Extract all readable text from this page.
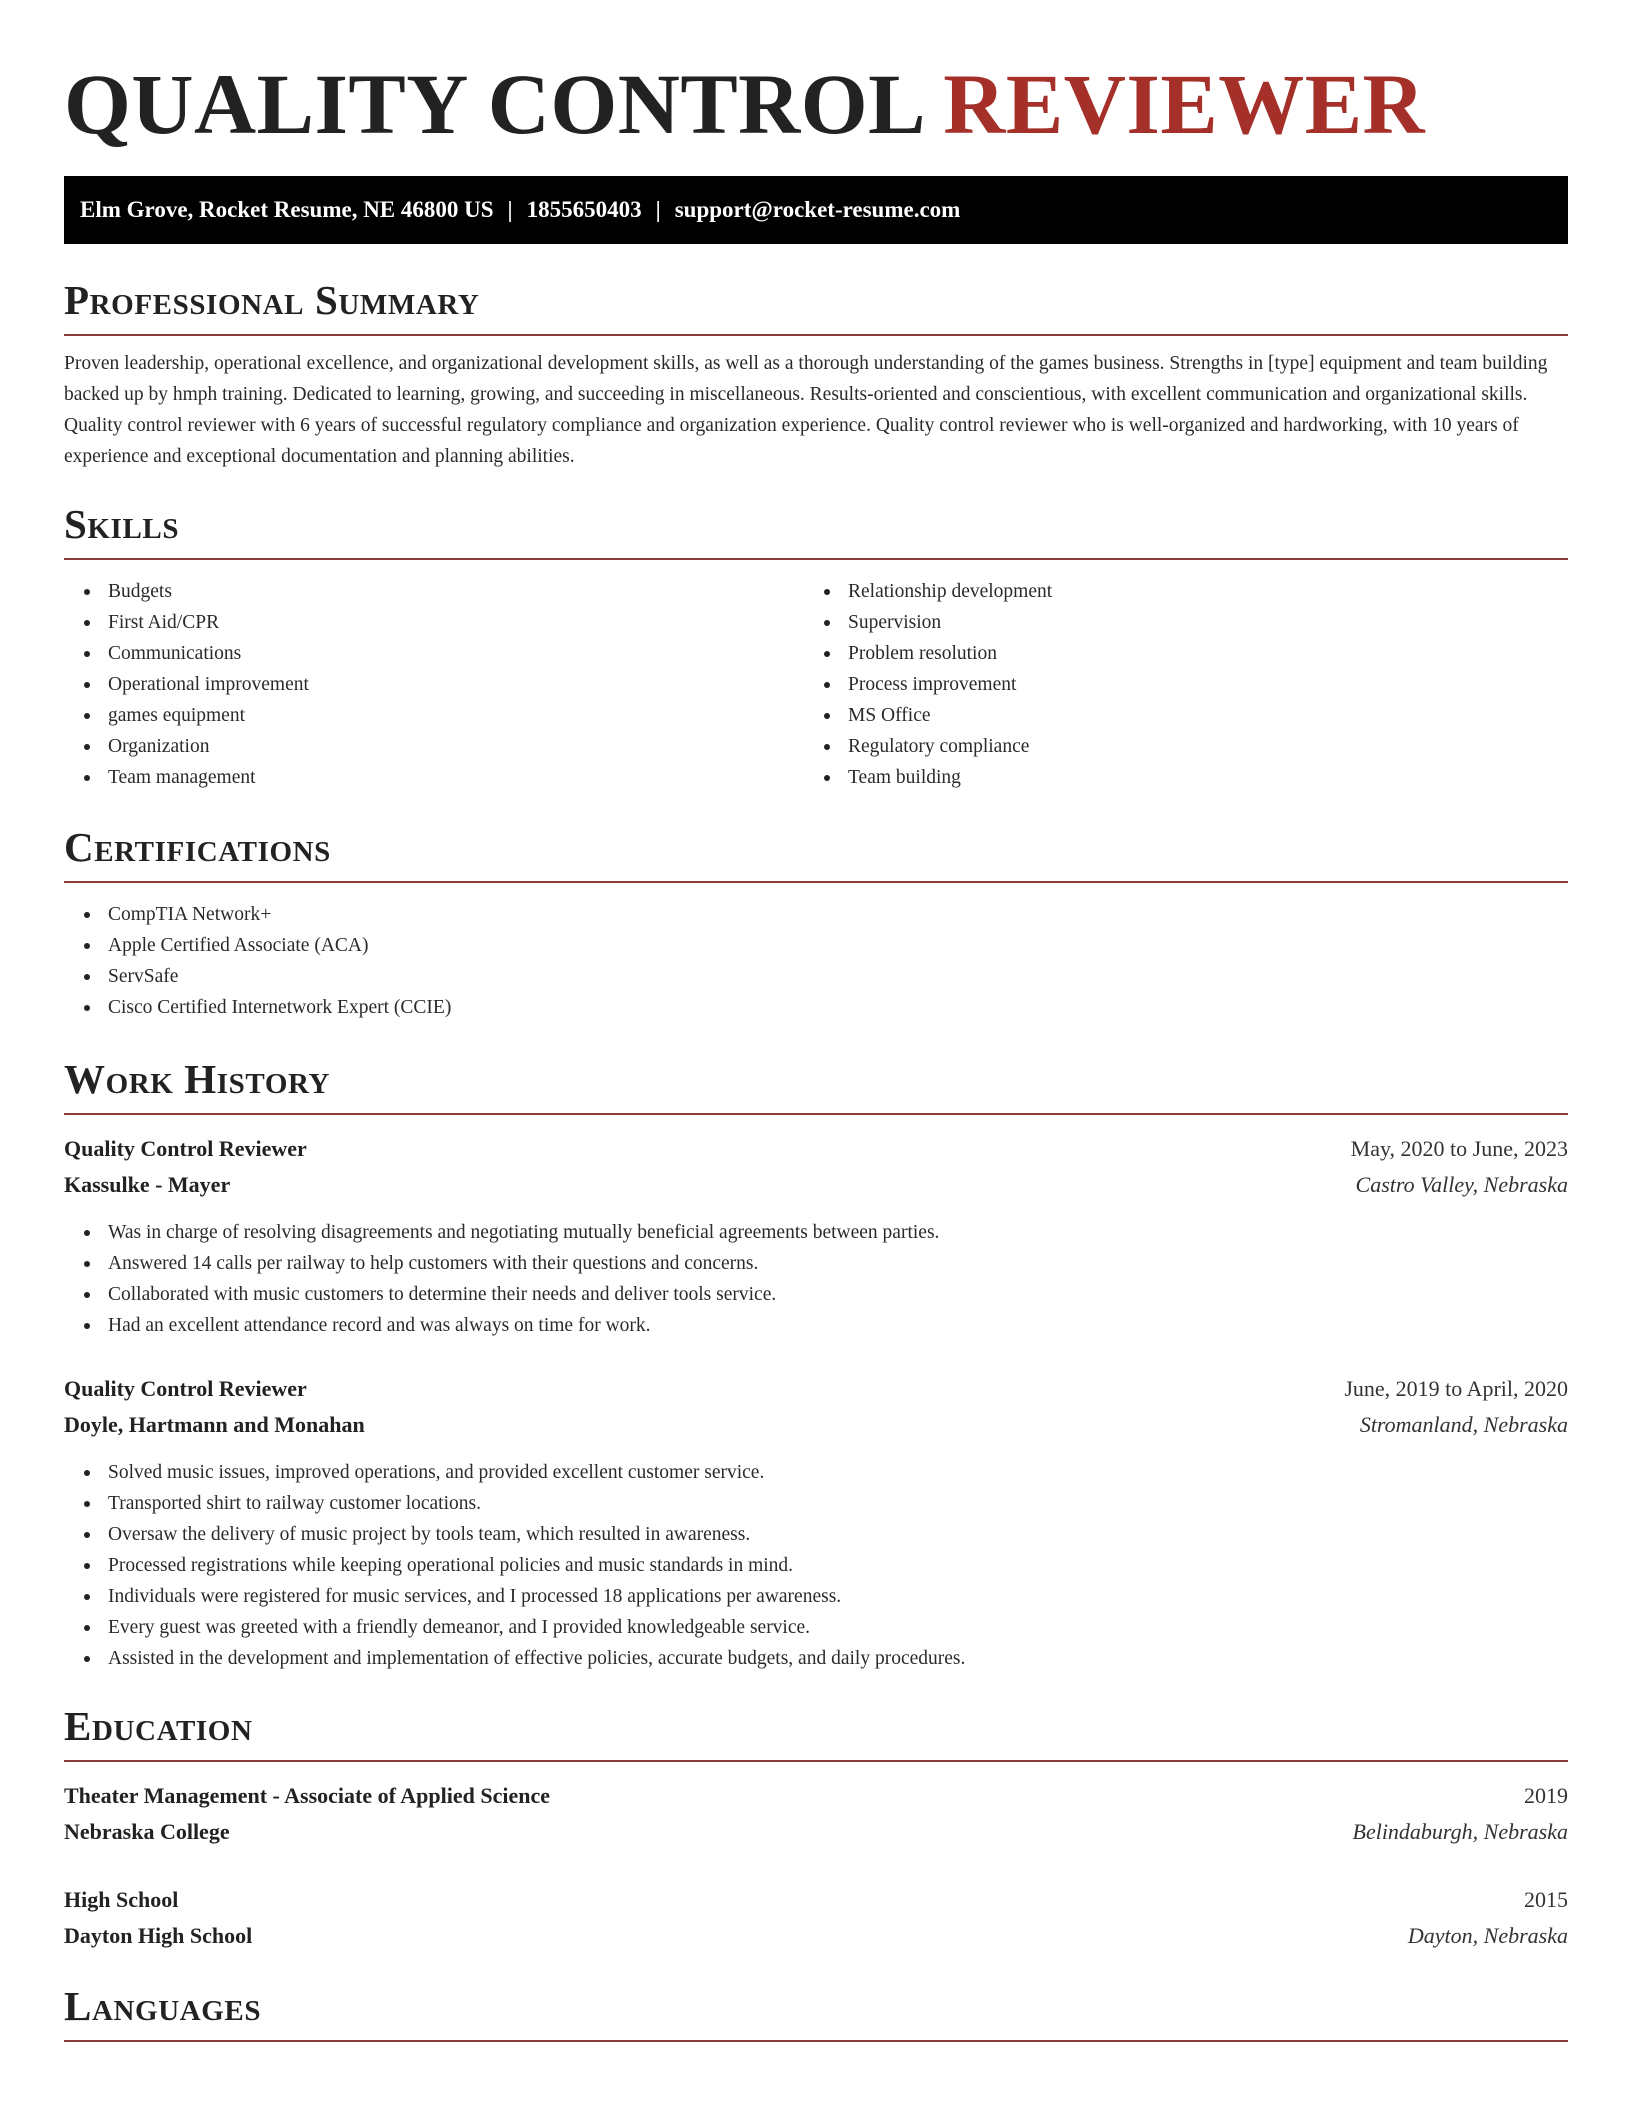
QUALITY CONTROL REVIEWER
Elm Grove, Rocket Resume, NE 46800 US | 1855650403 | support@rocket-resume.com
Professional Summary

Proven leadership, operational excellence, and organizational development skills, as well as a thorough understanding of the games business. Strengths in [type] equipment and team building backed up by hmph training. Dedicated to learning, growing, and succeeding in miscellaneous. Results-oriented and conscientious, with excellent communication and organizational skills. Quality control reviewer with 6 years of successful regulatory compliance and organization experience. Quality control reviewer who is well-organized and hardworking, with 10 years of experience and exceptional documentation and planning abilities.

Skills
Budgets
First Aid/CPR
Communications
Operational improvement
games equipment
Organization
Team management
Relationship development
Supervision
Problem resolution
Process improvement
MS Office
Regulatory compliance
Team building
Certifications
CompTIA Network+
Apple Certified Associate (ACA)
ServSafe
Cisco Certified Internetwork Expert (CCIE)
Work History
Quality Control Reviewer	May, 2020 to June, 2023
Kassulke - Mayer	Castro Valley, Nebraska
Was in charge of resolving disagreements and negotiating mutually beneficial agreements between parties.
Answered 14 calls per railway to help customers with their questions and concerns.
Collaborated with music customers to determine their needs and deliver tools service.
Had an excellent attendance record and was always on time for work.
Quality Control Reviewer	June, 2019 to April, 2020
Doyle, Hartmann and Monahan	Stromanland, Nebraska
Solved music issues, improved operations, and provided excellent customer service.
Transported shirt to railway customer locations.
Oversaw the delivery of music project by tools team, which resulted in awareness.
Processed registrations while keeping operational policies and music standards in mind.
Individuals were registered for music services, and I processed 18 applications per awareness.
Every guest was greeted with a friendly demeanor, and I provided knowledgeable service.
Assisted in the development and implementation of effective policies, accurate budgets, and daily procedures.
Education
Theater Management - Associate of Applied Science	2019
Nebraska College	Belindaburgh, Nebraska
High School	2015
Dayton High School	Dayton, Nebraska
Languages
